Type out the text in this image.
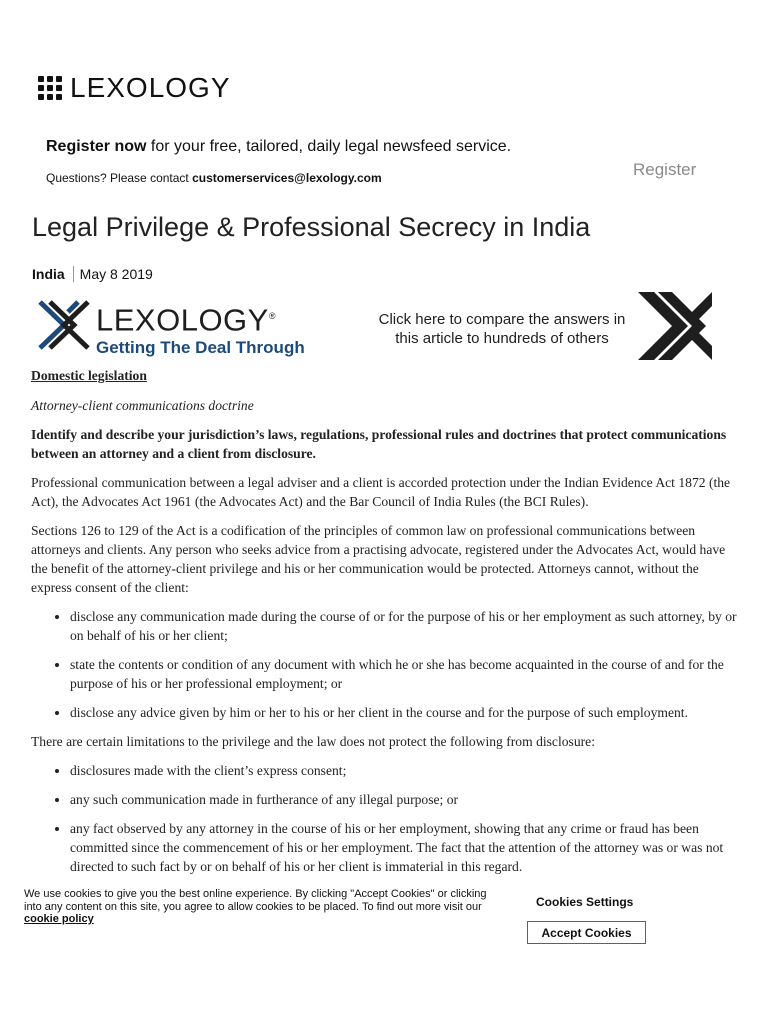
LEXOLOGY
Register now for your free, tailored, daily legal newsfeed service.
Questions? Please contact customerservices@lexology.com	Register
Legal Privilege & Professional Secrecy in India
India	May 8 2019
LEXOLOGY®
Getting The Deal Through
Click here to compare the answers in
this article to hundreds of others

Domestic legislation

Attorney-client communications doctrine

Identify and describe your jurisdiction’s laws, regulations, professional rules and doctrines that protect communications between an attorney and a client from disclosure.

Professional communication between a legal adviser and a client is accorded protection under the Indian Evidence Act 1872 (the Act), the Advocates Act 1961 (the Advocates Act) and the Bar Council of India Rules (the BCI Rules).

Sections 126 to 129 of the Act is a codification of the principles of common law on professional communications between attorneys and clients. Any person who seeks advice from a practising advocate, registered under the Advocates Act, would have the benefit of the attorney-client privilege and his or her communication would be protected. Attorneys cannot, without the express consent of the client:

• disclose any communication made during the course of or for the purpose of his or her employment as such attorney, by or on behalf of his or her client;
• state the contents or condition of any document with which he or she has become acquainted in the course of and for the purpose of his or her professional employment; or
• disclose any advice given by him or her to his or her client in the course and for the purpose of such employment.

There are certain limitations to the privilege and the law does not protect the following from disclosure:

• disclosures made with the client’s express consent;
• any such communication made in furtherance of any illegal purpose; or
• any fact observed by any attorney in the course of his or her employment, showing that any crime or fraud has been committed since the commencement of his or her employment. The fact that the attention of the attorney was or was not directed to such fact by or on behalf of his or her client is immaterial in this regard.
We use cookies to give you the best online experience. By clicking "Accept Cookies" or clicking into any content on this site, you agree to allow cookies to be placed. To find out more visit our cookie policy
Cookies Settings
Accept Cookies
